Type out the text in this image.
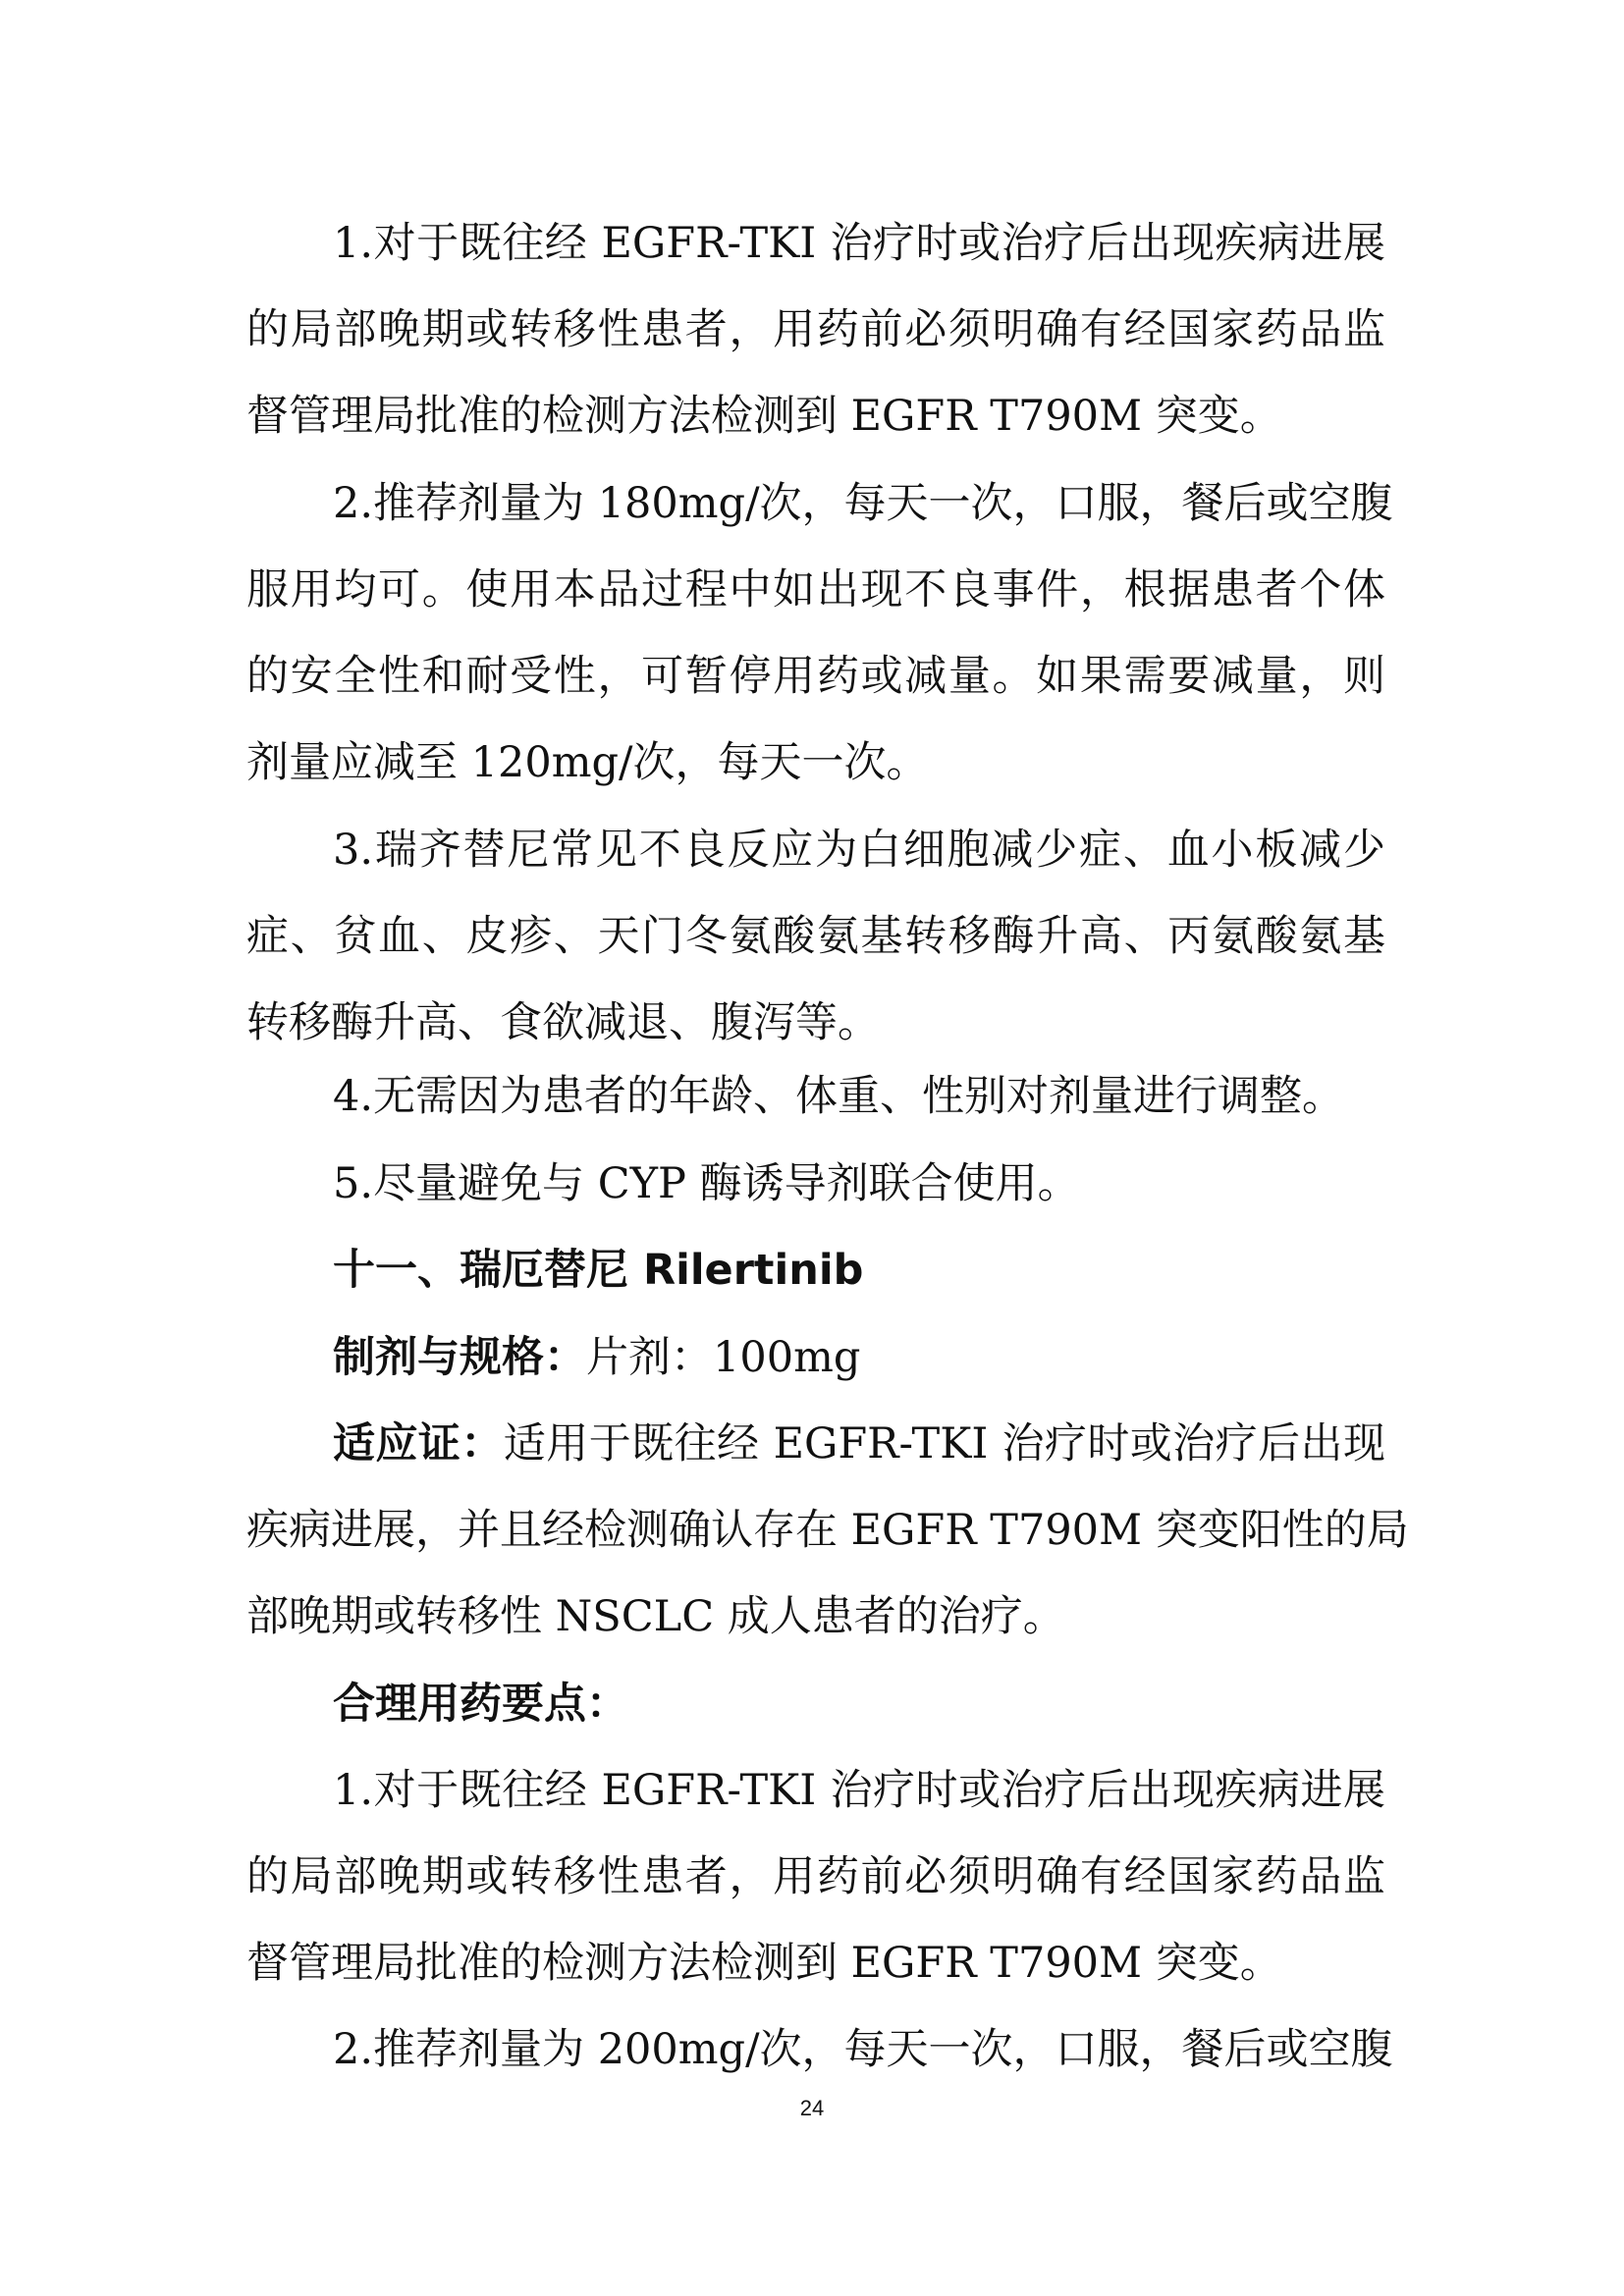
1.对于既往经 EGFR-TKI 治疗时或治疗后出现疾病进展
的局部晚期或转移性患者，用药前必须明确有经国家药品监
督管理局批准的检测方法检测到 EGFR T790M 突变。
2.推荐剂量为 180mg/次，每天一次，口服，餐后或空腹
服用均可。使用本品过程中如出现不良事件，根据患者个体
的安全性和耐受性，可暂停用药或减量。如果需要减量，则
剂量应减至 120mg/次，每天一次。
3.瑞齐替尼常见不良反应为白细胞减少症、血小板减少
症、贫血、皮疹、天门冬氨酸氨基转移酶升高、丙氨酸氨基
转移酶升高、食欲减退、腹泻等。
4.无需因为患者的年龄、体重、性别对剂量进行调整。
5.尽量避免与 CYP 酶诱导剂联合使用。
十一、瑞厄替尼 Rilertinib
制剂与规格：片剂：100mg
适应证：适用于既往经 EGFR-TKI 治疗时或治疗后出现
疾病进展，并且经检测确认存在 EGFR T790M 突变阳性的局
部晚期或转移性 NSCLC 成人患者的治疗。
合理用药要点：
1.对于既往经 EGFR-TKI 治疗时或治疗后出现疾病进展
的局部晚期或转移性患者，用药前必须明确有经国家药品监
督管理局批准的检测方法检测到 EGFR T790M 突变。
2.推荐剂量为 200mg/次，每天一次，口服，餐后或空腹
24
